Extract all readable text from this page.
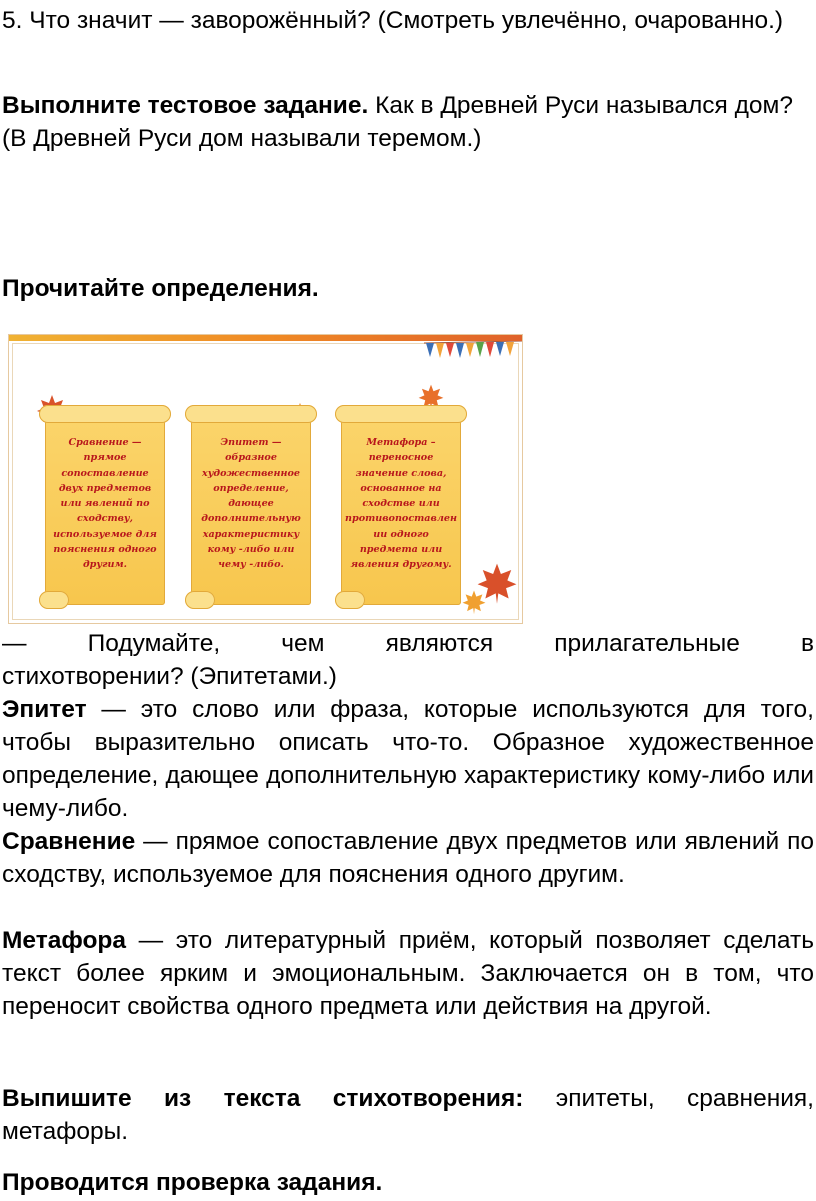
5. Что значит — заворожённый? (Смотреть увлечённо, очарованно.)

Выполните тестовое задание. Как в Древней Руси назывался дом? (В Древней Руси дом называли теремом.)

Прочитайте определения.

Сравнение — прямое сопоставление двух предметов или явлений по сходству, используемое для пояснения одного другим.
Эпитет — образное художественное определение, дающее дополнительную характеристику кому -либо или чему -либо.
Метафора – переносное значение слова, основанное на сходстве или противопоставлен ии одного предмета или явления другому.

— Подумайте, чем являются прилагательные в

стихотворении? (Эпитетами.)

Эпитет — это слово или фраза, которые используются для того, чтобы выразительно описать что-то. Образное художественное определение, дающее дополнительную характеристику кому-либо или чему-либо.

Сравнение — прямое сопоставление двух предметов или явлений по сходству, используемое для пояснения одного другим.

Метафора — это литературный приём, который позволяет сделать текст более ярким и эмоциональным. Заключается он в том, что переносит свойства одного предмета или действия на другой.

Выпишите из текста стихотворения: эпитеты, сравнения, метафоры.

Проводится проверка задания.
